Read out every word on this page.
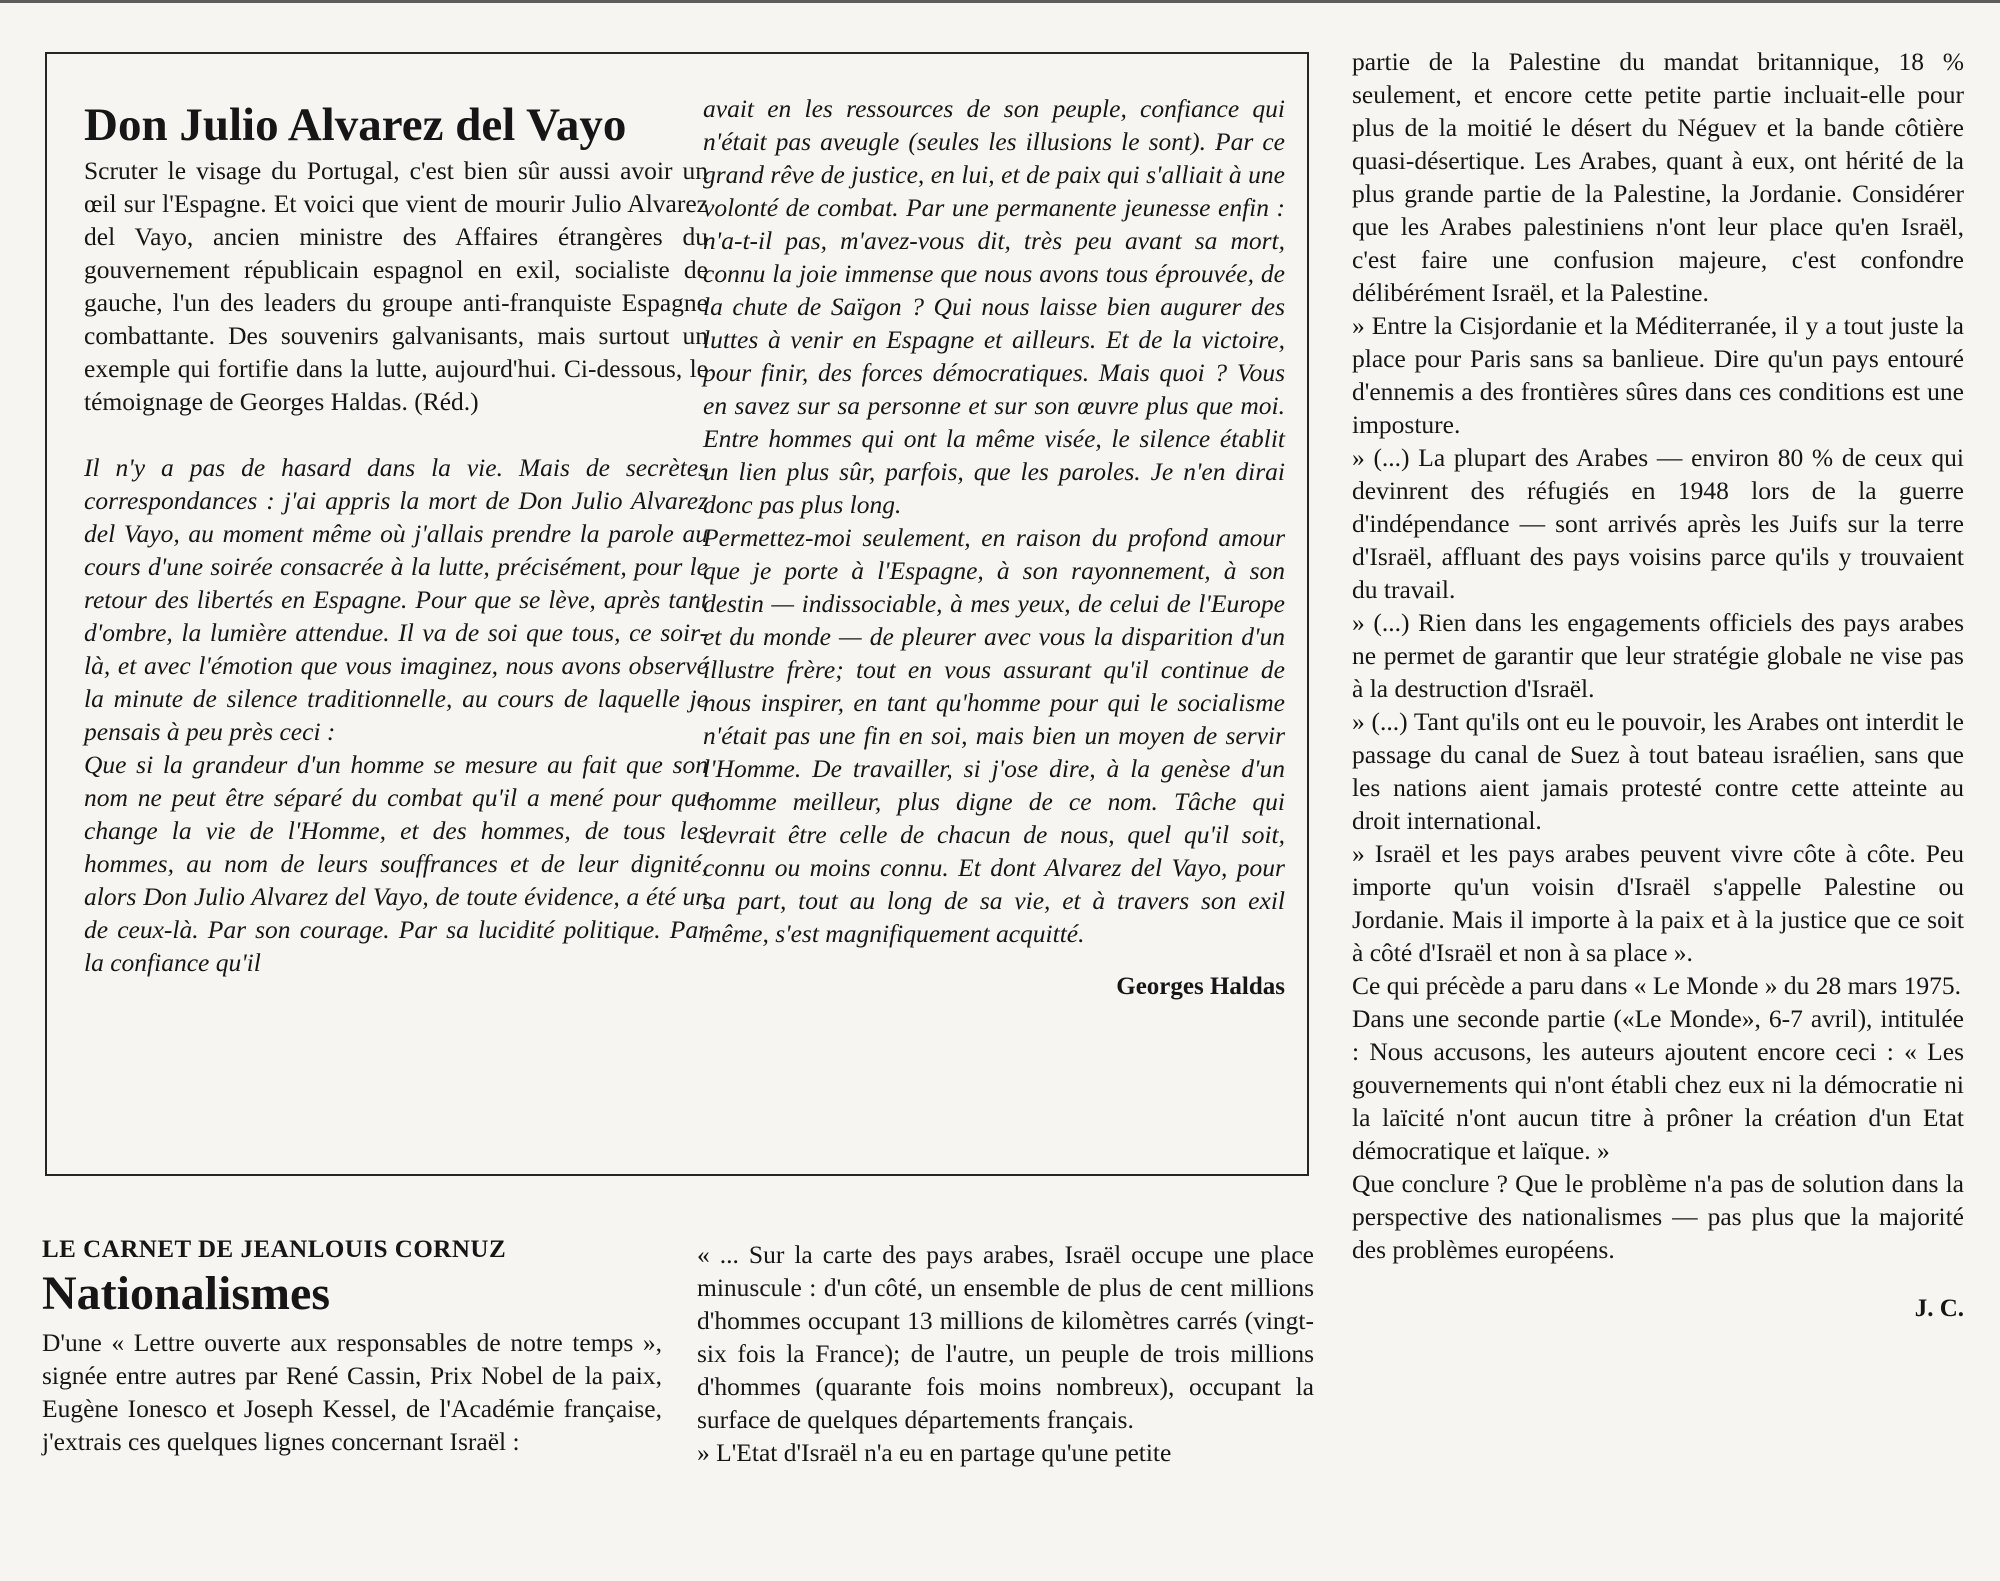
Don Julio Alvarez del Vayo

Scruter le visage du Portugal, c'est bien sûr aussi avoir un œil sur l'Espagne. Et voici que vient de mourir Julio Alvarez del Vayo, ancien ministre des Affaires étrangères du gouvernement républicain espagnol en exil, socialiste de gauche, l'un des leaders du groupe anti-franquiste Espagne combattante. Des souvenirs galvanisants, mais surtout un exemple qui fortifie dans la lutte, aujourd'hui. Ci-dessous, le témoignage de Georges Haldas. (Réd.)

Il n'y a pas de hasard dans la vie. Mais de secrètes correspondances : j'ai appris la mort de Don Julio Alvarez del Vayo, au moment même où j'allais prendre la parole au cours d'une soirée consacrée à la lutte, précisément, pour le retour des libertés en Espagne. Pour que se lève, après tant d'ombre, la lumière attendue. Il va de soi que tous, ce soir-là, et avec l'émotion que vous imaginez, nous avons observé la minute de silence traditionnelle, au cours de laquelle je pensais à peu près ceci :

Que si la grandeur d'un homme se mesure au fait que son nom ne peut être séparé du combat qu'il a mené pour que change la vie de l'Homme, et des hommes, de tous les hommes, au nom de leurs souffrances et de leur dignité, alors Don Julio Alvarez del Vayo, de toute évidence, a été un de ceux-là. Par son courage. Par sa lucidité politique. Par la confiance qu'il

avait en les ressources de son peuple, confiance qui n'était pas aveugle (seules les illusions le sont). Par ce grand rêve de justice, en lui, et de paix qui s'alliait à une volonté de combat. Par une permanente jeunesse enfin : n'a-t-il pas, m'avez-vous dit, très peu avant sa mort, connu la joie immense que nous avons tous éprouvée, de la chute de Saïgon ? Qui nous laisse bien augurer des luttes à venir en Espagne et ailleurs. Et de la victoire, pour finir, des forces démocratiques. Mais quoi ? Vous en savez sur sa personne et sur son œuvre plus que moi. Entre hommes qui ont la même visée, le silence établit un lien plus sûr, parfois, que les paroles. Je n'en dirai donc pas plus long.

Permettez-moi seulement, en raison du profond amour que je porte à l'Espagne, à son rayonnement, à son destin — indissociable, à mes yeux, de celui de l'Europe et du monde — de pleurer avec vous la disparition d'un illustre frère; tout en vous assurant qu'il continue de nous inspirer, en tant qu'homme pour qui le socialisme n'était pas une fin en soi, mais bien un moyen de servir l'Homme. De travailler, si j'ose dire, à la genèse d'un homme meilleur, plus digne de ce nom. Tâche qui devrait être celle de chacun de nous, quel qu'il soit, connu ou moins connu. Et dont Alvarez del Vayo, pour sa part, tout au long de sa vie, et à travers son exil même, s'est magnifiquement acquitté.

Georges Haldas

partie de la Palestine du mandat britannique, 18 % seulement, et encore cette petite partie incluait-elle pour plus de la moitié le désert du Néguev et la bande côtière quasi-désertique. Les Arabes, quant à eux, ont hérité de la plus grande partie de la Palestine, la Jordanie. Considérer que les Arabes palestiniens n'ont leur place qu'en Israël, c'est faire une confusion majeure, c'est confondre délibérément Israël, et la Palestine.

» Entre la Cisjordanie et la Méditerranée, il y a tout juste la place pour Paris sans sa banlieue. Dire qu'un pays entouré d'ennemis a des frontières sûres dans ces conditions est une imposture.

» (...) La plupart des Arabes — environ 80 % de ceux qui devinrent des réfugiés en 1948 lors de la guerre d'indépendance — sont arrivés après les Juifs sur la terre d'Israël, affluant des pays voisins parce qu'ils y trouvaient du travail.

» (...) Rien dans les engagements officiels des pays arabes ne permet de garantir que leur stratégie globale ne vise pas à la destruction d'Israël.

» (...) Tant qu'ils ont eu le pouvoir, les Arabes ont interdit le passage du canal de Suez à tout bateau israélien, sans que les nations aient jamais protesté contre cette atteinte au droit international.

» Israël et les pays arabes peuvent vivre côte à côte. Peu importe qu'un voisin d'Israël s'appelle Palestine ou Jordanie. Mais il importe à la paix et à la justice que ce soit à côté d'Israël et non à sa place ».

Ce qui précède a paru dans « Le Monde » du 28 mars 1975.

Dans une seconde partie («Le Monde», 6-7 avril), intitulée : Nous accusons, les auteurs ajoutent encore ceci : « Les gouvernements qui n'ont établi chez eux ni la démocratie ni la laïcité n'ont aucun titre à prôner la création d'un Etat démocratique et laïque. »

Que conclure ? Que le problème n'a pas de solution dans la perspective des nationalismes — pas plus que la majorité des problèmes européens.

J. C.
LE CARNET DE JEANLOUIS CORNUZ
Nationalismes

D'une « Lettre ouverte aux responsables de notre temps », signée entre autres par René Cassin, Prix Nobel de la paix, Eugène Ionesco et Joseph Kessel, de l'Académie française, j'extrais ces quelques lignes concernant Israël :

« ... Sur la carte des pays arabes, Israël occupe une place minuscule : d'un côté, un ensemble de plus de cent millions d'hommes occupant 13 millions de kilomètres carrés (vingt-six fois la France); de l'autre, un peuple de trois millions d'hommes (quarante fois moins nombreux), occupant la surface de quelques départements français.

» L'Etat d'Israël n'a eu en partage qu'une petite
